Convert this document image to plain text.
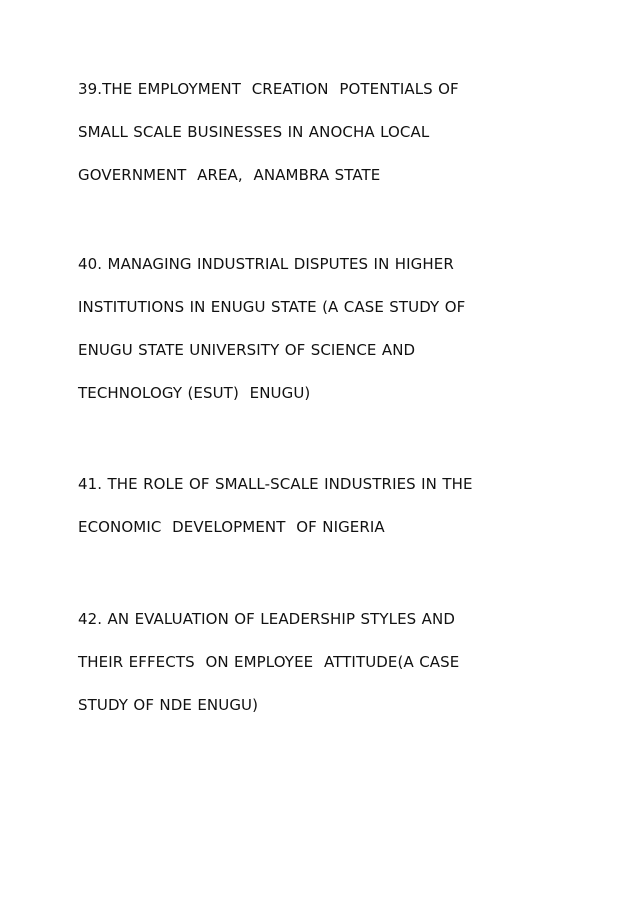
39.THE EMPLOYMENT  CREATION  POTENTIALS OF
SMALL SCALE BUSINESSES IN ANOCHA LOCAL
GOVERNMENT  AREA,  ANAMBRA STATE

40. MANAGING INDUSTRIAL DISPUTES IN HIGHER
INSTITUTIONS IN ENUGU STATE (A CASE STUDY OF
ENUGU STATE UNIVERSITY OF SCIENCE AND
TECHNOLOGY (ESUT)  ENUGU)

41. THE ROLE OF SMALL-SCALE INDUSTRIES IN THE
ECONOMIC  DEVELOPMENT  OF NIGERIA

42. AN EVALUATION OF LEADERSHIP STYLES AND
THEIR EFFECTS  ON EMPLOYEE  ATTITUDE(A CASE
STUDY OF NDE ENUGU)
